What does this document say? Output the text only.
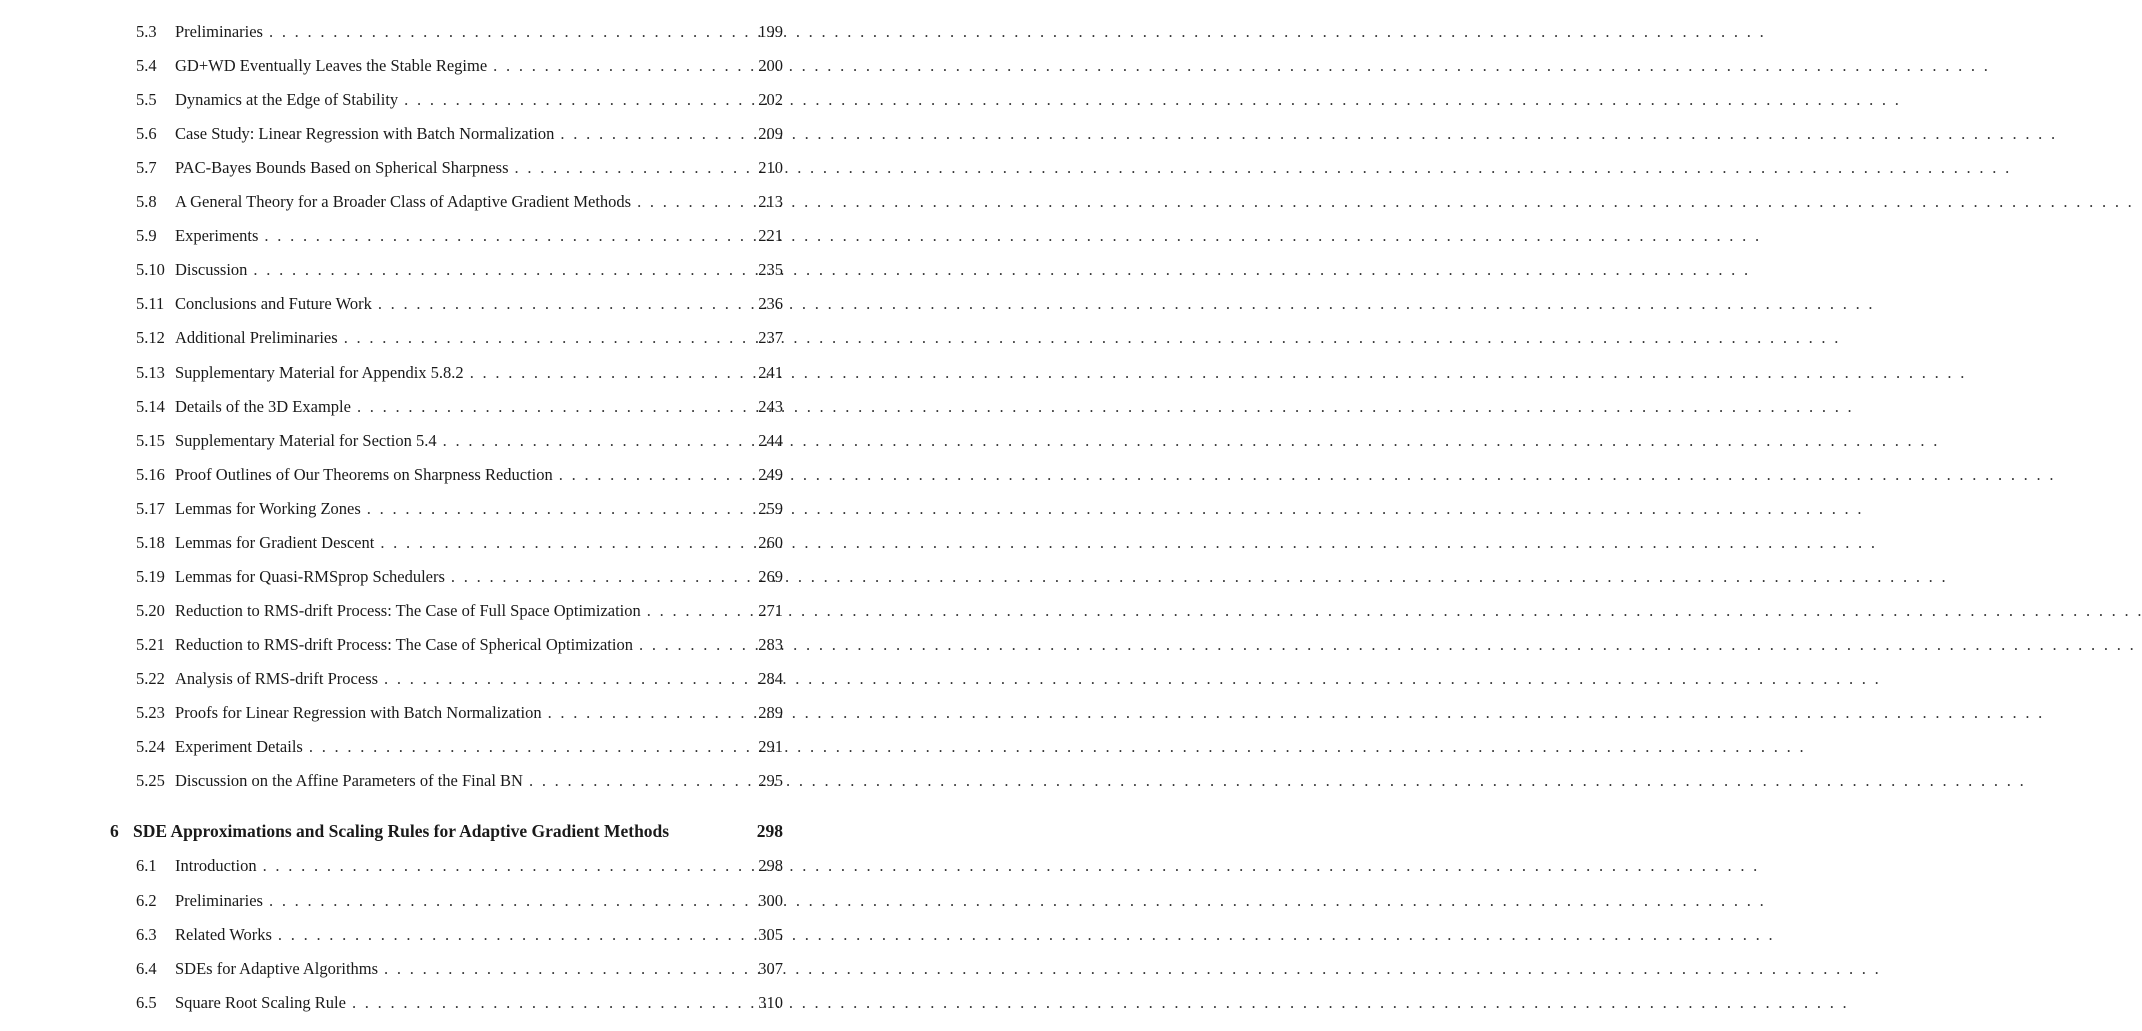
5.3	Preliminaries . . .	199
5.4	GD+WD Eventually Leaves the Stable Regime . . .	200
5.5	Dynamics at the Edge of Stability . . .	202
5.6	Case Study: Linear Regression with Batch Normalization . . .	209
5.7	PAC-Bayes Bounds Based on Spherical Sharpness . . .	210
5.8	A General Theory for a Broader Class of Adaptive Gradient Methods . . .	213
5.9	Experiments . . .	221
5.10 Discussion . . .	235
5.11 Conclusions and Future Work . . .	236
5.12 Additional Preliminaries . . .	237
5.13 Supplementary Material for Appendix 5.8.2 . . .	241
5.14 Details of the 3D Example . . .	243
5.15 Supplementary Material for Section 5.4 . . .	244
5.16 Proof Outlines of Our Theorems on Sharpness Reduction . . .	249
5.17 Lemmas for Working Zones . . .	259
5.18 Lemmas for Gradient Descent . . .	260
5.19 Lemmas for Quasi-RMSprop Schedulers . . .	269
5.20 Reduction to RMS-drift Process: The Case of Full Space Optimization . . .	271
5.21 Reduction to RMS-drift Process: The Case of Spherical Optimization . . .	283
5.22 Analysis of RMS-drift Process . . .	284
5.23 Proofs for Linear Regression with Batch Normalization . . .	289
5.24 Experiment Details . . .	291
5.25 Discussion on the Affine Parameters of the Final BN . . .	295
6 SDE Approximations and Scaling Rules for Adaptive Gradient Methods	298
6.1	Introduction . . .	298
6.2	Preliminaries . . .	300
6.3	Related Works . . .	305
6.4	SDEs for Adaptive Algorithms . . .	307
6.5	Square Root Scaling Rule . . .	310
